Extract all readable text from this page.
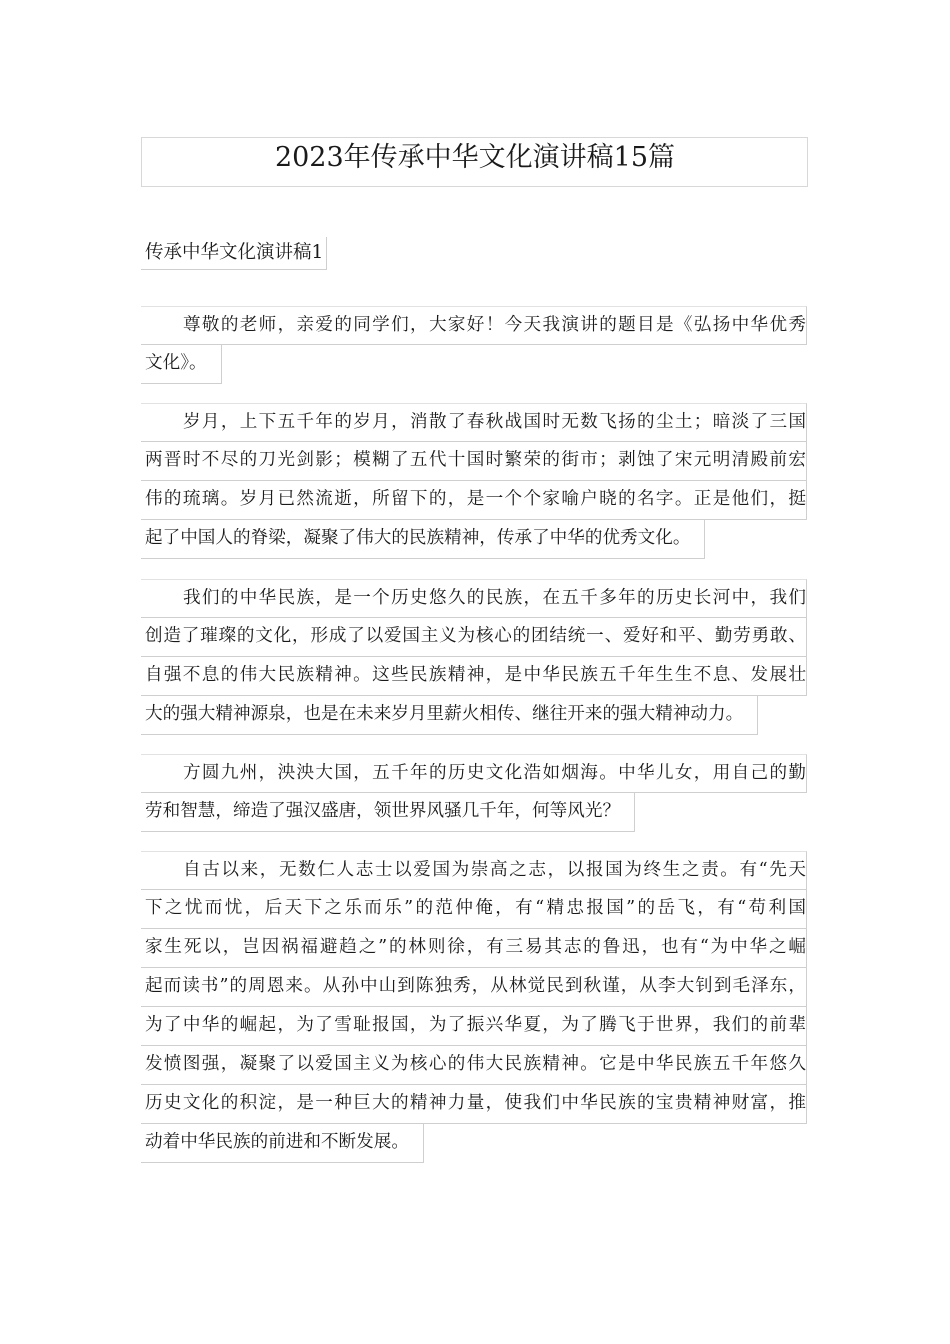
2023年传承中华文化演讲稿15篇
传承中华文化演讲稿1
尊敬的老师，亲爱的同学们，大家好！今天我演讲的题目是《弘扬中华优秀
文化》。
岁月，上下五千年的岁月，消散了春秋战国时无数飞扬的尘土；暗淡了三国
两晋时不尽的刀光剑影；模糊了五代十国时繁荣的街市；剥蚀了宋元明清殿前宏
伟的琉璃。岁月已然流逝，所留下的，是一个个家喻户晓的名字。正是他们，挺
起了中国人的脊梁，凝聚了伟大的民族精神，传承了中华的优秀文化。
我们的中华民族，是一个历史悠久的民族，在五千多年的历史长河中，我们
创造了璀璨的文化，形成了以爱国主义为核心的团结统一、爱好和平、勤劳勇敢、
自强不息的伟大民族精神。这些民族精神，是中华民族五千年生生不息、发展壮
大的强大精神源泉，也是在未来岁月里薪火相传、继往开来的强大精神动力。
方圆九州，泱泱大国，五千年的历史文化浩如烟海。中华儿女，用自己的勤
劳和智慧，缔造了强汉盛唐，领世界风骚几千年，何等风光？
自古以来，无数仁人志士以爱国为崇高之志，以报国为终生之责。有“先天
下之忧而忧，后天下之乐而乐”的范仲俺，有“精忠报国”的岳飞，有“苟利国
家生死以，岂因祸福避趋之”的林则徐，有三易其志的鲁迅，也有“为中华之崛
起而读书”的周恩来。从孙中山到陈独秀，从林觉民到秋谨，从李大钊到毛泽东，
为了中华的崛起，为了雪耻报国，为了振兴华夏，为了腾飞于世界，我们的前辈
发愤图强，凝聚了以爱国主义为核心的伟大民族精神。它是中华民族五千年悠久
历史文化的积淀，是一种巨大的精神力量，使我们中华民族的宝贵精神财富，推
动着中华民族的前进和不断发展。
